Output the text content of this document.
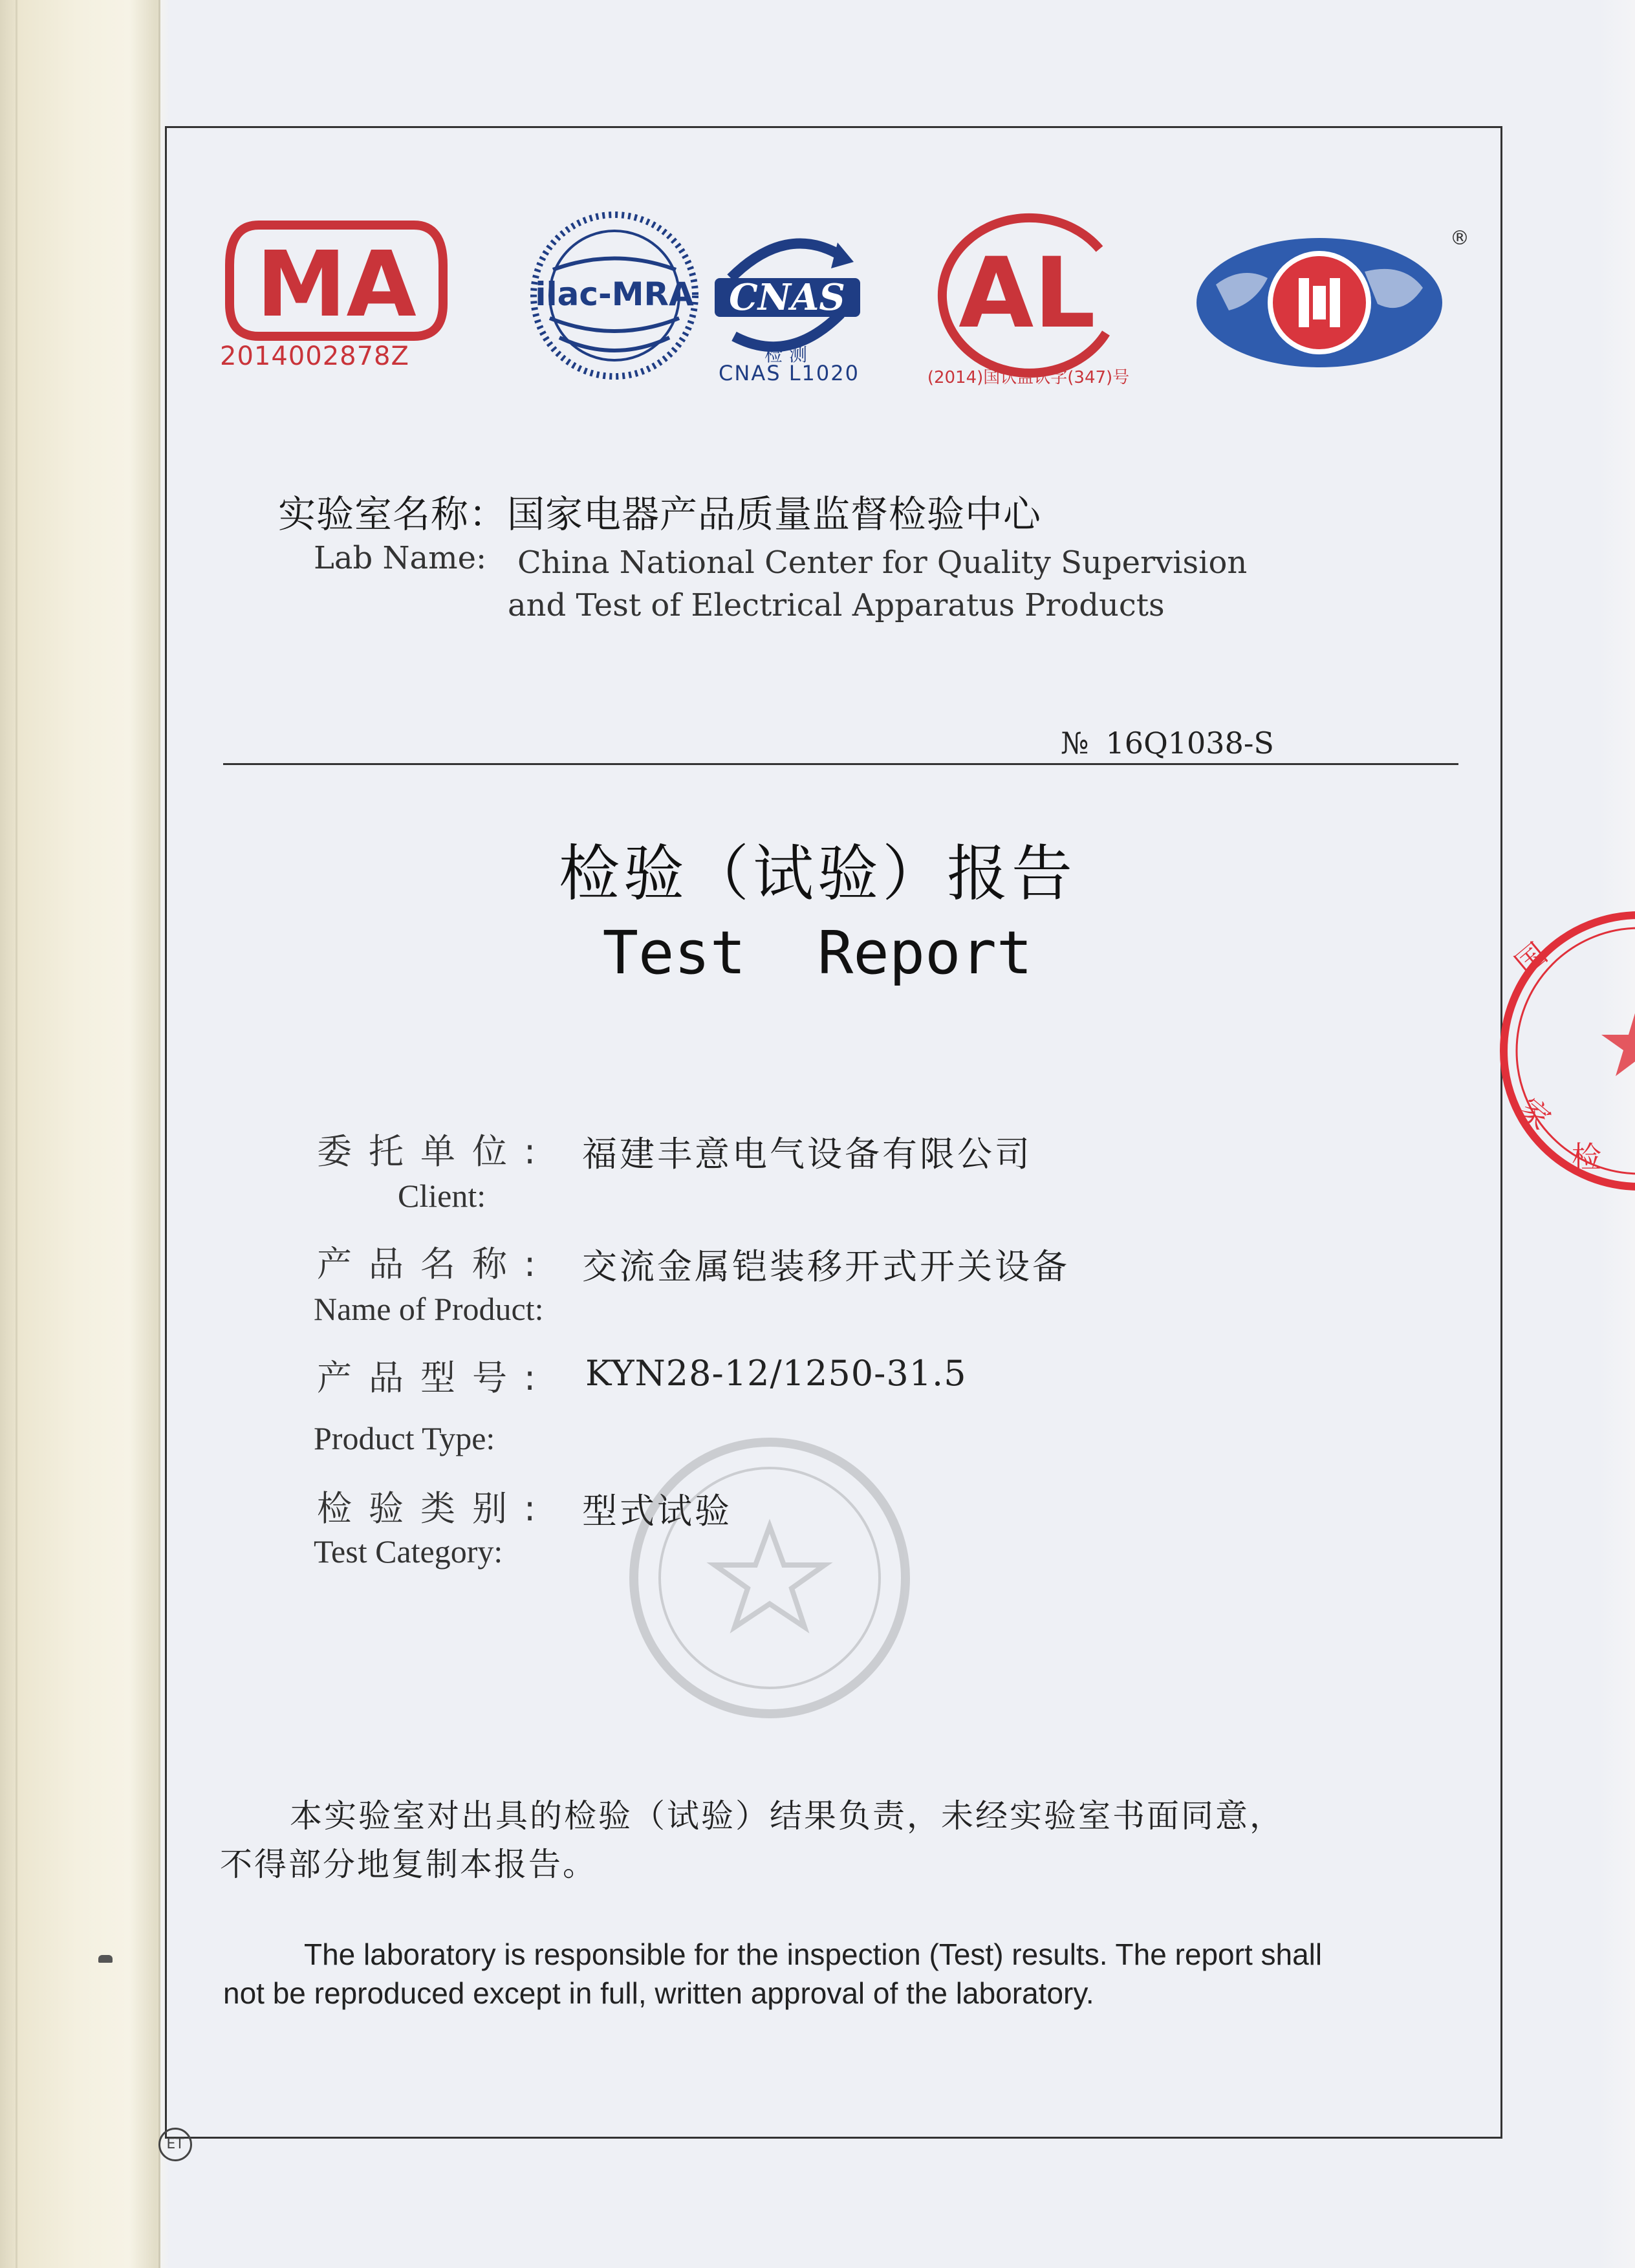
MA
2014002878Z
ilac-MRA CNAS
检测
CNAS L1020
AL
(2014)国认监认字(347)号
®
实验室名称：国家电器产品质量监督检验中心
Lab Name: China National Center for Quality Supervision
and Test of Electrical Apparatus Products
№ 16Q1038-S
检验（试验）报告
Test  Report
委托单位: 福建丰意电气设备有限公司
Client:
产品名称: 交流金属铠装移开式开关设备
Name of Product:
产品型号: KYN28-12/1250-31.5
Product Type:
检验类别: 型式试验
Test Category:
国
家
检
本实验室对出具的检验（试验）结果负责，未经实验室书面同意，
不得部分地复制本报告。
The laboratory is responsible for the inspection (Test) results. The report shall
not be reproduced except in full, written approval of the laboratory.
ET
